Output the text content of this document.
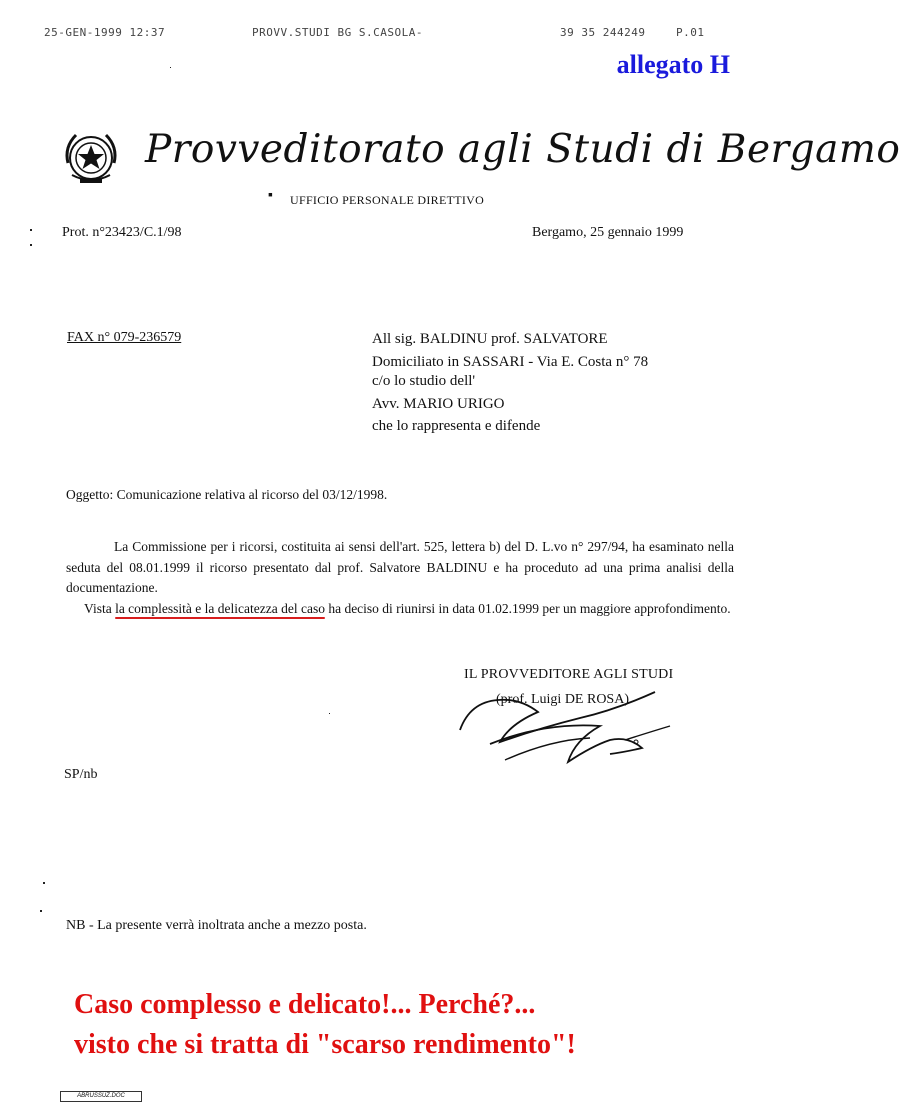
25-GEN-1999 12:37	PROVV.STUDI BG S.CASOLA-	39 35 244249	P.01
allegato H
Provveditorato agli Studi di Bergamo
▪ UFFICIO PERSONALE DIRETTIVO
Prot. n°23423/C.1/98	Bergamo, 25 gennaio 1999
FAX n° 079-236579	All sig. BALDINU prof. SALVATORE
Domiciliato in SASSARI - Via E. Costa n° 78
c/o lo studio dell'
Avv. MARIO URIGO
che lo rappresenta e difende
Oggetto: Comunicazione relativa al ricorso del 03/12/1998.

La Commissione per i ricorsi, costituita ai sensi dell'art. 525, lettera b) del D. L.vo n° 297/94, ha esaminato nella seduta del 08.01.1999 il ricorso presentato dal prof. Salvatore BALDINU e ha proceduto ad una prima analisi della documentazione.

Vista la complessità e la delicatezza del caso ha deciso di riunirsi in data 01.02.1999 per un maggiore approfondimento.

IL PROVVEDITORE AGLI STUDI
(prof. Luigi DE ROSA)
SP/nb
NB - La presente verrà inoltrata anche a mezzo posta.
Caso complesso e delicato!... Perché?...
visto che si tratta di "scarso rendimento"!
ABRUSSUZ.DOC
